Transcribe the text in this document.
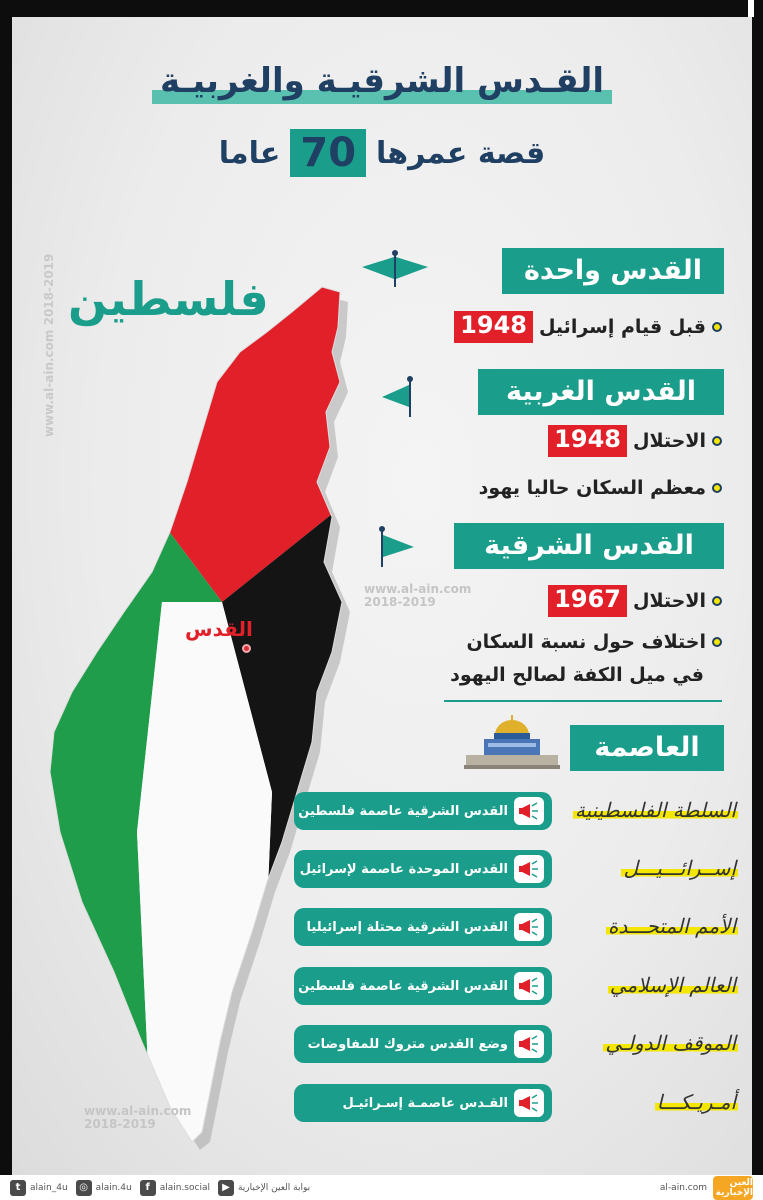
القـدس الشرقيـة والغربيـة
قصة عمرها
70
عاما
فلسطين
القدس
www.al-ain.com 2018-2019
www.al-ain.com
2018-2019
www.al-ain.com
2018-2019
القدس واحدة
قبل قيام إسرائيل
1948
القدس الغربية
الاحتلال
1948
معظم السكان حاليا يهود
القدس الشرقية
الاحتلال
1967
اختلاف حول نسبة السكان
في ميل الكفة لصالح اليهود
العاصمة
القدس الشرقية عاصمة فلسطين	السلطة الفلسطينية
القدس الموحدة عاصمة لإسرائيل	إســرائـــيـــل
القدس الشرقية محتلة إسرائيليا	الأمم المتحـــدة
القدس الشرقية عاصمة فلسطين	العالم الإسلامي
وضع القدس متروك للمفاوضات	الموقف الدولـي
القـدس عاصمـة إسـرائيـل	أمـريـكـــا
t	alain_4u	◎ alain.4u	f	alain.social	▶ بوابة العين الإخبارية	al-ain.com	العين الإخبارية
